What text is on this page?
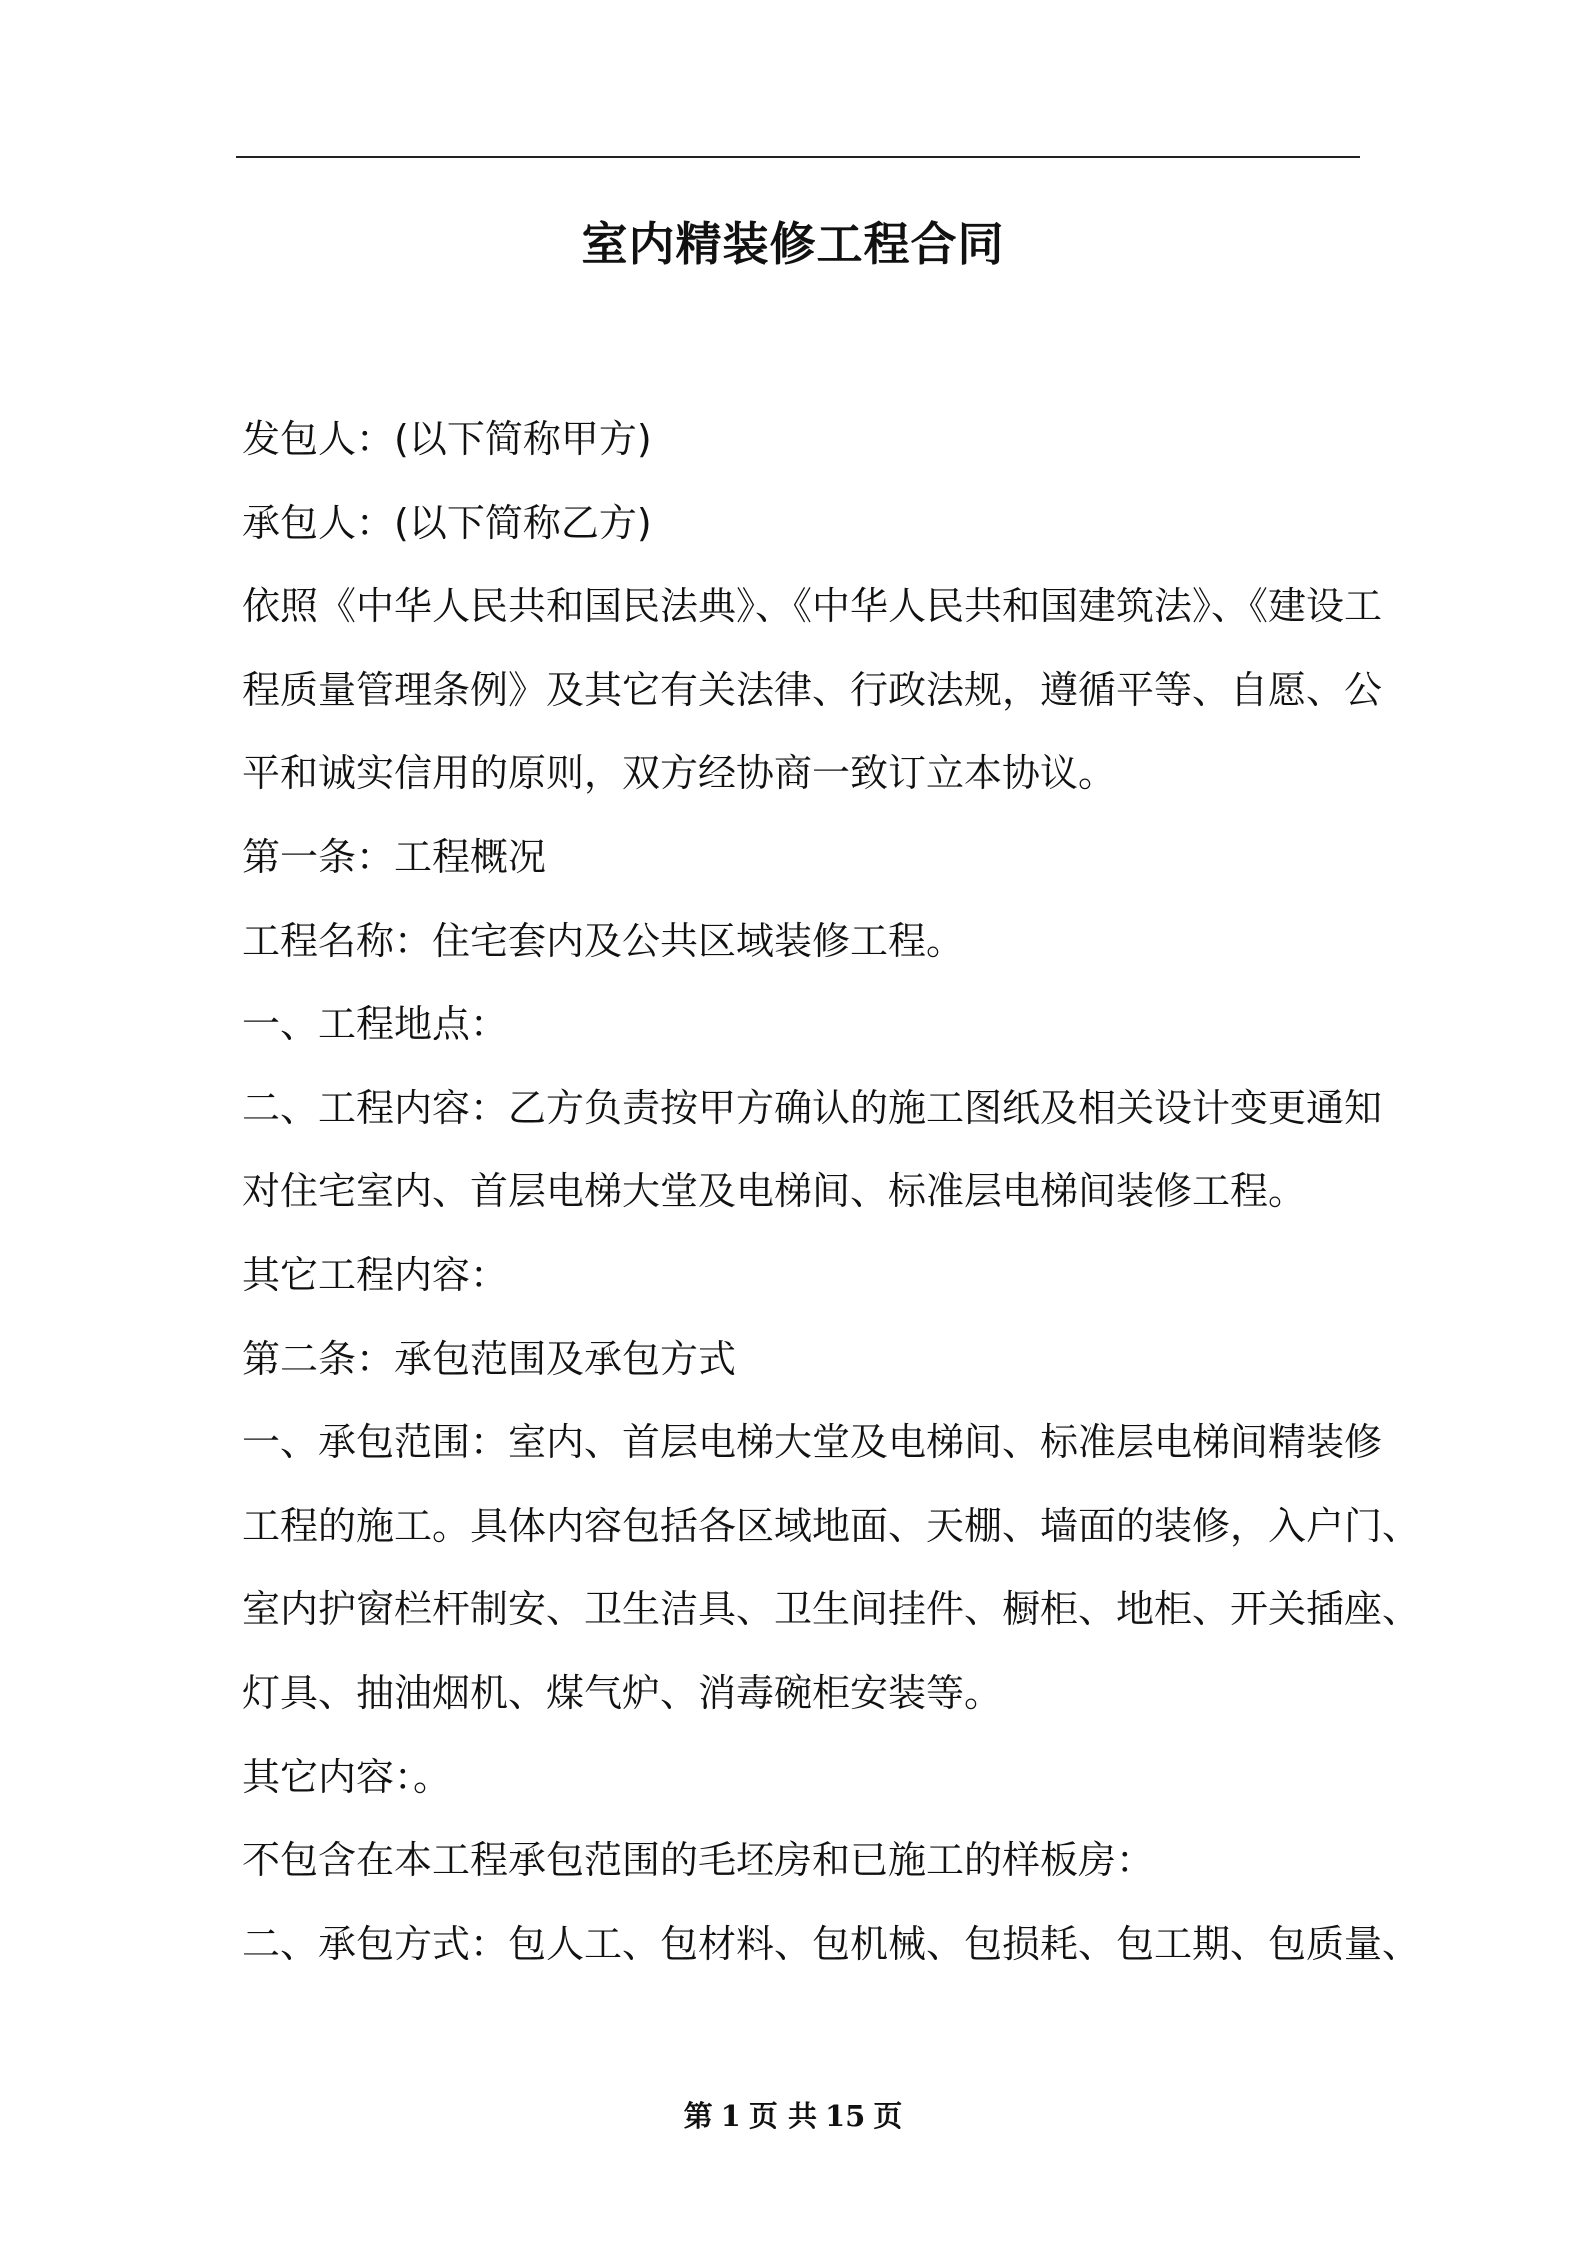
室内精装修工程合同
发包人：(以下简称甲方)
承包人：(以下简称乙方)
依照《中华人民共和国民法典》、《中华人民共和国建筑法》、《建设工
程质量管理条例》及其它有关法律、行政法规，遵循平等、自愿、公
平和诚实信用的原则，双方经协商一致订立本协议。
第一条：工程概况
工程名称：住宅套内及公共区域装修工程。
一、工程地点：
二、工程内容：乙方负责按甲方确认的施工图纸及相关设计变更通知
对住宅室内、首层电梯大堂及电梯间、标准层电梯间装修工程。
其它工程内容：
第二条：承包范围及承包方式
一、承包范围：室内、首层电梯大堂及电梯间、标准层电梯间精装修
工程的施工。具体内容包括各区域地面、天棚、墙面的装修，入户门、
室内护窗栏杆制安、卫生洁具、卫生间挂件、橱柜、地柜、开关插座、
灯具、抽油烟机、煤气炉、消毒碗柜安装等。
其它内容：。
不包含在本工程承包范围的毛坯房和已施工的样板房：
二、承包方式：包人工、包材料、包机械、包损耗、包工期、包质量、
第 1 页 共 15 页
